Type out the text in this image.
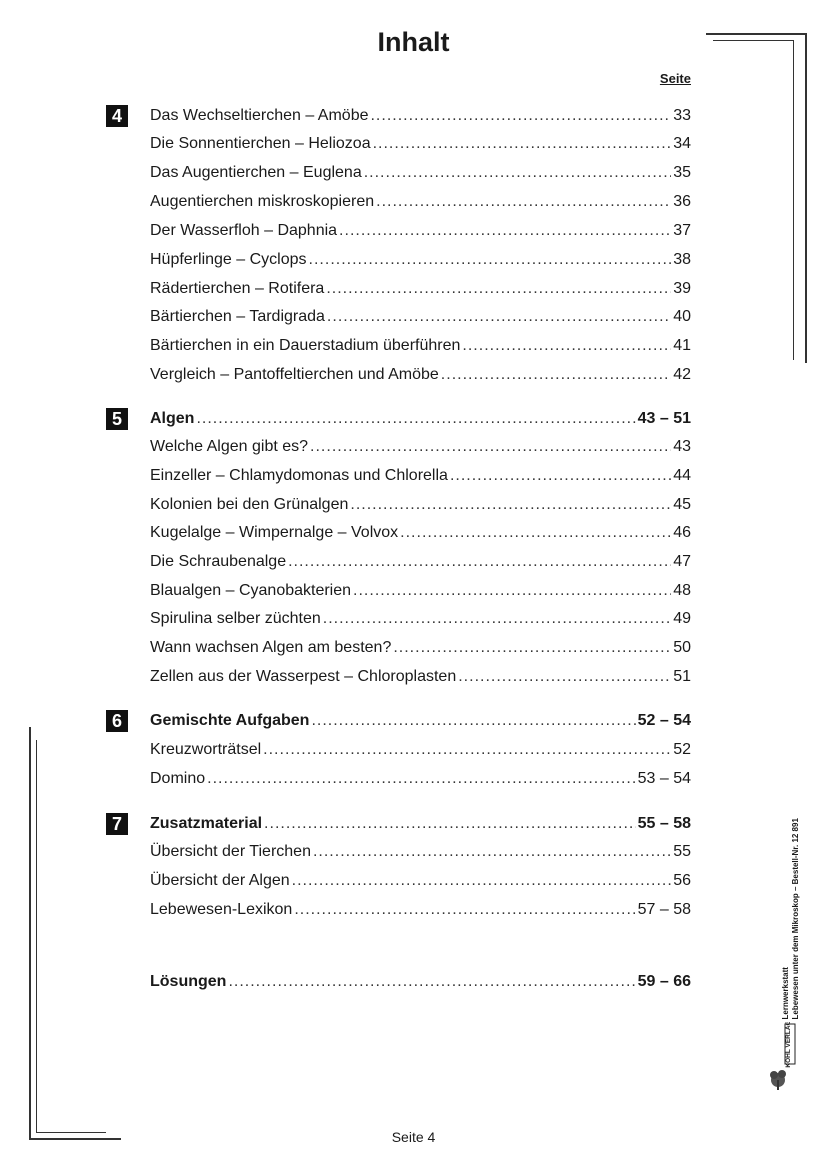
Inhalt
Seite
4	Das Wechseltierchen – Amöbe .....	33
Die Sonnentierchen – Heliozoa .....	34
Das Augentierchen – Euglena .....	35
Augentierchen miskroskopieren .....	36
Der Wasserfloh – Daphnia .....	37
Hüpferlinge – Cyclops .....	38
Rädertierchen – Rotifera .....	39
Bärtierchen – Tardigrada .....	40
Bärtierchen in ein Dauerstadium überführen .....	41
Vergleich – Pantoffeltierchen und Amöbe .....	42
5	Algen .....	43 – 51
Welche Algen gibt es? .....	43
Einzeller – Chlamydomonas und Chlorella .....	44
Kolonien bei den Grünalgen .....	45
Kugelalge – Wimpernalge – Volvox .....	46
Die Schraubenalge .....	47
Blaualgen – Cyanobakterien .....	48
Spirulina selber züchten .....	49
Wann wachsen Algen am besten? .....	50
Zellen aus der Wasserpest – Chloroplasten .....	51
6	Gemischte Aufgaben .....	52 – 54
Kreuzworträtsel .....	52
Domino .....	53 – 54
7	Zusatzmaterial .....	55 – 58
Übersicht der Tierchen .....	55
Übersicht der Algen .....	56
Lebewesen-Lexikon .....	57 – 58
Lösungen .....	59 – 66	Lernwerkstatt Lebewesen unter dem Mikroskop – Bestell-Nr. 12 891
KOHL VERLAG
Seite 4
